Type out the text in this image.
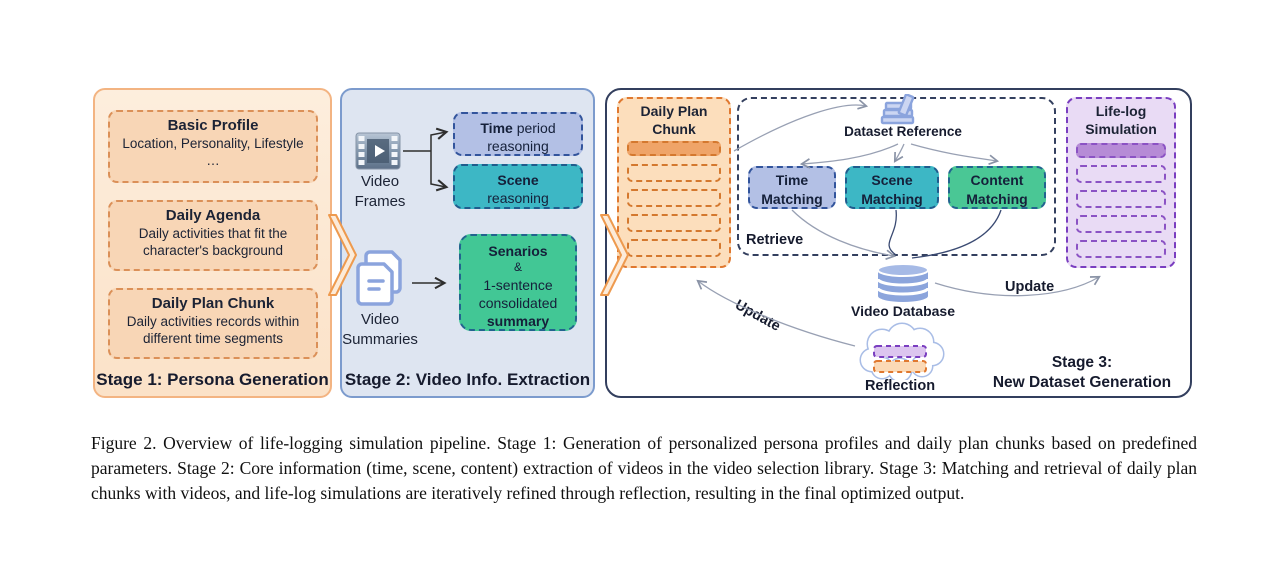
Basic Profile
Location, Personality, Lifestyle …
Daily Agenda
Daily activities that fit the character's background
Daily Plan Chunk
Daily activities records within different time segments
Stage 1: Persona Generation Stage 2: Video Info. Extraction
Video
Frames
Video
Summaries
Time period
reasoning
Scene
reasoning
Senarios
&
1-sentence
consolidated
summary
Daily Plan
Chunk
Retrieve
Dataset Reference
Time
Matching
Scene
Matching
Content
Matching
Life-log
Simulation
Video Database
Update
Update
Reflection
Stage 3:
New Dataset Generation
Figure 2. Overview of life-logging simulation pipeline. Stage 1: Generation of personalized persona profiles and daily plan chunks based on predefined parameters. Stage 2: Core information (time, scene, content) extraction of videos in the video selection library. Stage 3: Matching and retrieval of daily plan chunks with videos, and life-log simulations are iteratively refined through reflection, resulting in the final optimized output.
